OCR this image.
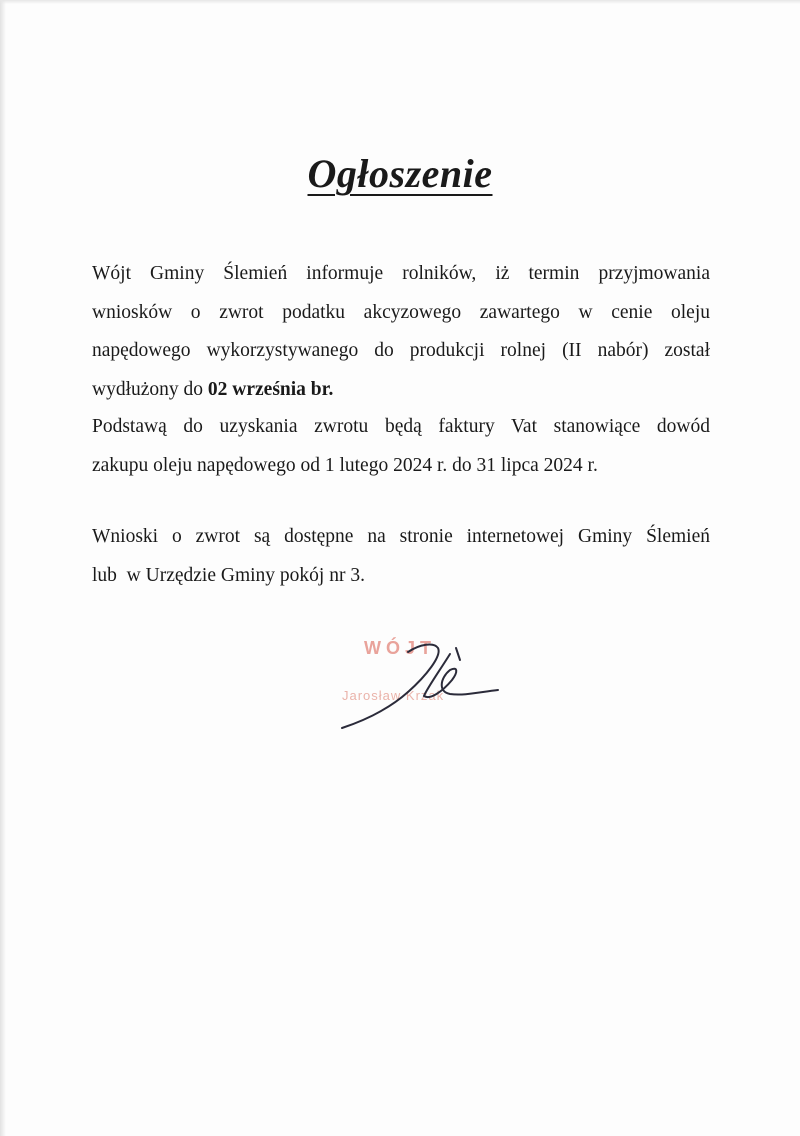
Ogłoszenie

Wójt Gminy Ślemień informuje rolników, iż termin przyjmowania
wniosków o zwrot podatku akcyzowego zawartego w cenie oleju
napędowego wykorzystywanego do produkcji rolnej (II nabór) został
wydłużony do 02 września br.

Podstawą do uzyskania zwrotu będą faktury Vat stanowiące dowód
zakupu oleju napędowego od 1 lutego 2024 r. do 31 lipca 2024 r.

Wnioski o zwrot są dostępne na stronie internetowej Gminy Ślemień
lub  w Urzędzie Gminy pokój nr 3.

WÓJT
Jarosław Krzak
